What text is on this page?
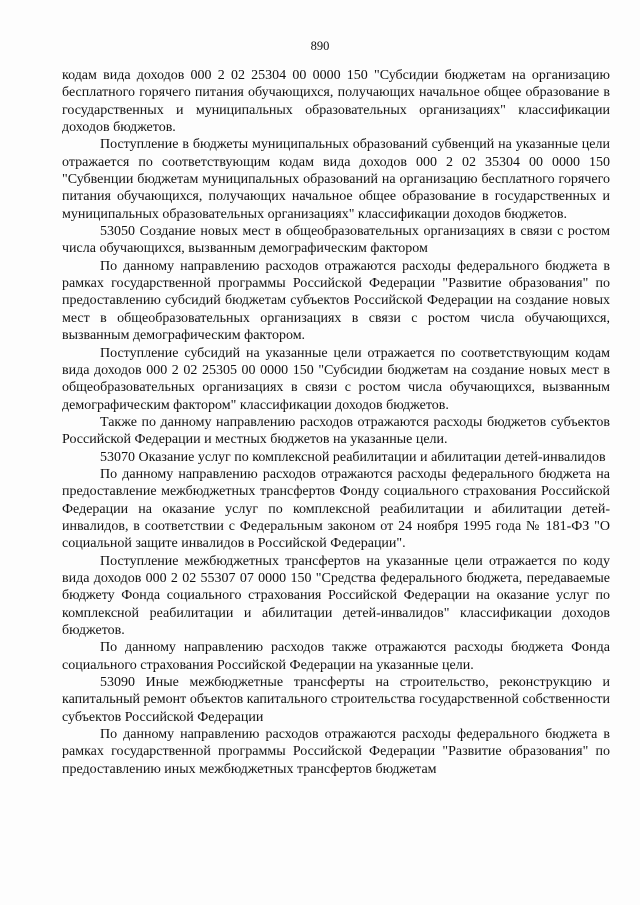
890

кодам вида доходов 000 2 02 25304 00 0000 150 "Субсидии бюджетам на организацию бесплатного горячего питания обучающихся, получающих начальное общее образование в государственных и муниципальных образовательных организациях" классификации доходов бюджетов.

Поступление в бюджеты муниципальных образований субвенций на указанные цели отражается по соответствующим кодам вида доходов 000 2 02 35304 00 0000 150 "Субвенции бюджетам муниципальных образований на организацию бесплатного горячего питания обучающихся, получающих начальное общее образование в государственных и муниципальных образовательных организациях" классификации доходов бюджетов.

53050 Создание новых мест в общеобразовательных организациях в связи с ростом числа обучающихся, вызванным демографическим фактором

По данному направлению расходов отражаются расходы федерального бюджета в рамках государственной программы Российской Федерации "Развитие образования" по предоставлению субсидий бюджетам субъектов Российской Федерации на создание новых мест в общеобразовательных организациях в связи с ростом числа обучающихся, вызванным демографическим фактором.

Поступление субсидий на указанные цели отражается по соответствующим кодам вида доходов 000 2 02 25305 00 0000 150 "Субсидии бюджетам на создание новых мест в общеобразовательных организациях в связи с ростом числа обучающихся, вызванным демографическим фактором" классификации доходов бюджетов.

Также по данному направлению расходов отражаются расходы бюджетов субъектов Российской Федерации и местных бюджетов на указанные цели.

53070 Оказание услуг по комплексной реабилитации и абилитации детей-инвалидов

По данному направлению расходов отражаются расходы федерального бюджета на предоставление межбюджетных трансфертов Фонду социального страхования Российской Федерации на оказание услуг по комплексной реабилитации и абилитации детей-инвалидов, в соответствии с Федеральным законом от 24 ноября 1995 года № 181-ФЗ "О социальной защите инвалидов в Российской Федерации".

Поступление межбюджетных трансфертов на указанные цели отражается по коду вида доходов 000 2 02 55307 07 0000 150 "Средства федерального бюджета, передаваемые бюджету Фонда социального страхования Российской Федерации на оказание услуг по комплексной реабилитации и абилитации детей-инвалидов" классификации доходов бюджетов.

По данному направлению расходов также отражаются расходы бюджета Фонда социального страхования Российской Федерации на указанные цели.

53090 Иные межбюджетные трансферты на строительство, реконструкцию и капитальный ремонт объектов капитального строительства государственной собственности субъектов Российской Федерации

По данному направлению расходов отражаются расходы федерального бюджета в рамках государственной программы Российской Федерации "Развитие образования" по предоставлению иных межбюджетных трансфертов бюджетам
